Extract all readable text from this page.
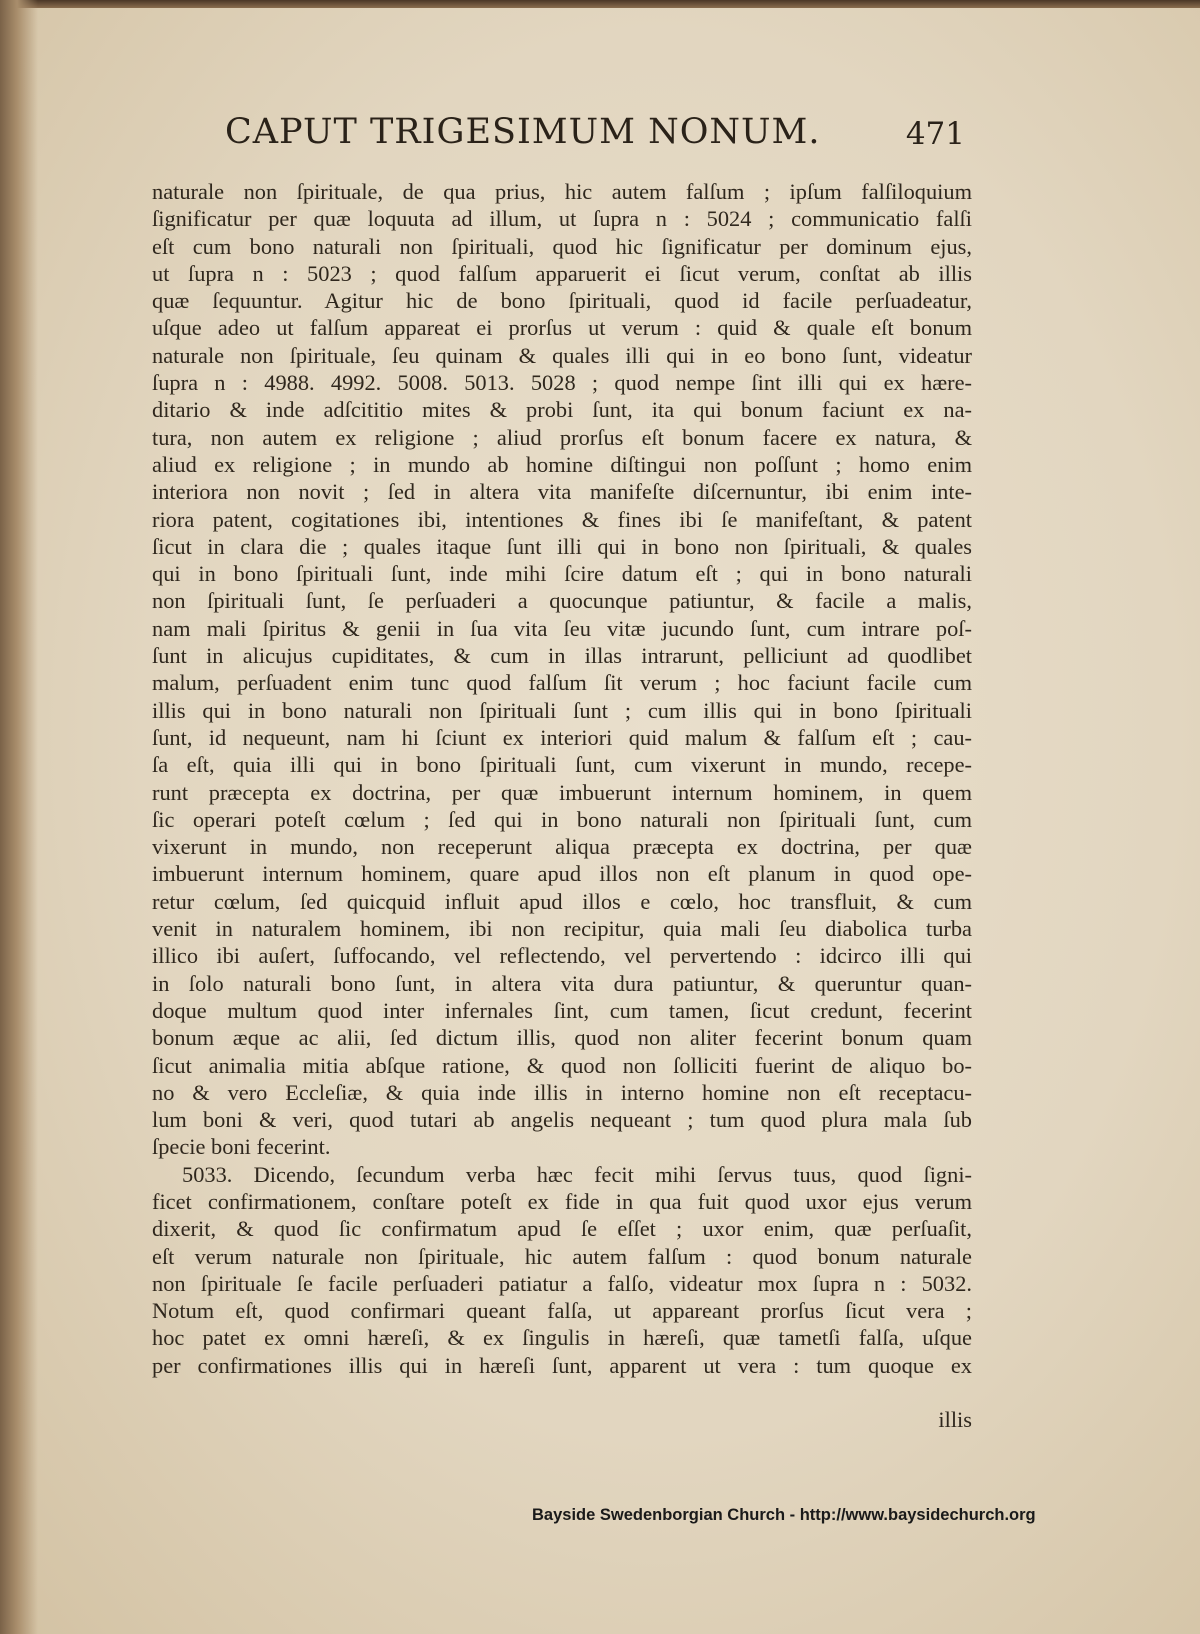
CAPUT TRIGESIMUM NONUM.	471
naturale non ſpirituale, de qua prius, hic autem falſum ; ipſum falſiloquium
ſignificatur per quæ loquuta ad illum, ut ſupra n : 5024 ; communicatio falſi
eſt cum bono naturali non ſpirituali, quod hic ſignificatur per dominum ejus,
ut ſupra n : 5023 ; quod falſum apparuerit ei ſicut verum, conſtat ab illis
quæ ſequuntur. Agitur hic de bono ſpirituali, quod id facile perſuadeatur,
uſque adeo ut falſum appareat ei prorſus ut verum : quid & quale eſt bonum
naturale non ſpirituale, ſeu quinam & quales illi qui in eo bono ſunt, videatur
ſupra n : 4988. 4992. 5008. 5013. 5028 ; quod nempe ſint illi qui ex hære-
ditario & inde adſcititio mites & probi ſunt, ita qui bonum faciunt ex na-
tura, non autem ex religione ; aliud prorſus eſt bonum facere ex natura, &
aliud ex religione ; in mundo ab homine diſtingui non poſſunt ; homo enim
interiora non novit ; ſed in altera vita manifeſte diſcernuntur, ibi enim inte-
riora patent, cogitationes ibi, intentiones & fines ibi ſe manifeſtant, & patent
ſicut in clara die ; quales itaque ſunt illi qui in bono non ſpirituali, & quales
qui in bono ſpirituali ſunt, inde mihi ſcire datum eſt ; qui in bono naturali
non ſpirituali ſunt, ſe perſuaderi a quocunque patiuntur, & facile a malis,
nam mali ſpiritus & genii in ſua vita ſeu vitæ jucundo ſunt, cum intrare poſ-
ſunt in alicujus cupiditates, & cum in illas intrarunt, pelliciunt ad quodlibet
malum, perſuadent enim tunc quod falſum ſit verum ; hoc faciunt facile cum
illis qui in bono naturali non ſpirituali ſunt ; cum illis qui in bono ſpirituali
ſunt, id nequeunt, nam hi ſciunt ex interiori quid malum & falſum eſt ; cau-
ſa eſt, quia illi qui in bono ſpirituali ſunt, cum vixerunt in mundo, recepe-
runt præcepta ex doctrina, per quæ imbuerunt internum hominem, in quem
ſic operari poteſt cœlum ; ſed qui in bono naturali non ſpirituali ſunt, cum
vixerunt in mundo, non receperunt aliqua præcepta ex doctrina, per quæ
imbuerunt internum hominem, quare apud illos non eſt planum in quod ope-
retur cœlum, ſed quicquid influit apud illos e cœlo, hoc transfluit, & cum
venit in naturalem hominem, ibi non recipitur, quia mali ſeu diabolica turba
illico ibi auſert, ſuffocando, vel reflectendo, vel pervertendo : idcirco illi qui
in ſolo naturali bono ſunt, in altera vita dura patiuntur, & queruntur quan-
doque multum quod inter infernales ſint, cum tamen, ſicut credunt, fecerint
bonum æque ac alii, ſed dictum illis, quod non aliter fecerint bonum quam
ſicut animalia mitia abſque ratione, & quod non ſolliciti fuerint de aliquo bo-
no & vero Eccleſiæ, & quia inde illis in interno homine non eſt receptacu-
lum boni & veri, quod tutari ab angelis nequeant ; tum quod plura mala ſub
ſpecie boni fecerint.
5033. Dicendo, ſecundum verba hæc fecit mihi ſervus tuus, quod ſigni-
ficet confirmationem, conſtare poteſt ex fide in qua fuit quod uxor ejus verum
dixerit, & quod ſic confirmatum apud ſe eſſet ; uxor enim, quæ perſuaſit,
eſt verum naturale non ſpirituale, hic autem falſum : quod bonum naturale
non ſpirituale ſe facile perſuaderi patiatur a falſo, videatur mox ſupra n : 5032.
Notum eſt, quod confirmari queant falſa, ut appareant prorſus ſicut vera ;
hoc patet ex omni hæreſi, & ex ſingulis in hæreſi, quæ tametſi falſa, uſque
per confirmationes illis qui in hæreſi ſunt, apparent ut vera : tum quoque ex
illis
Bayside Swedenborgian Church - http://www.baysidechurch.org
